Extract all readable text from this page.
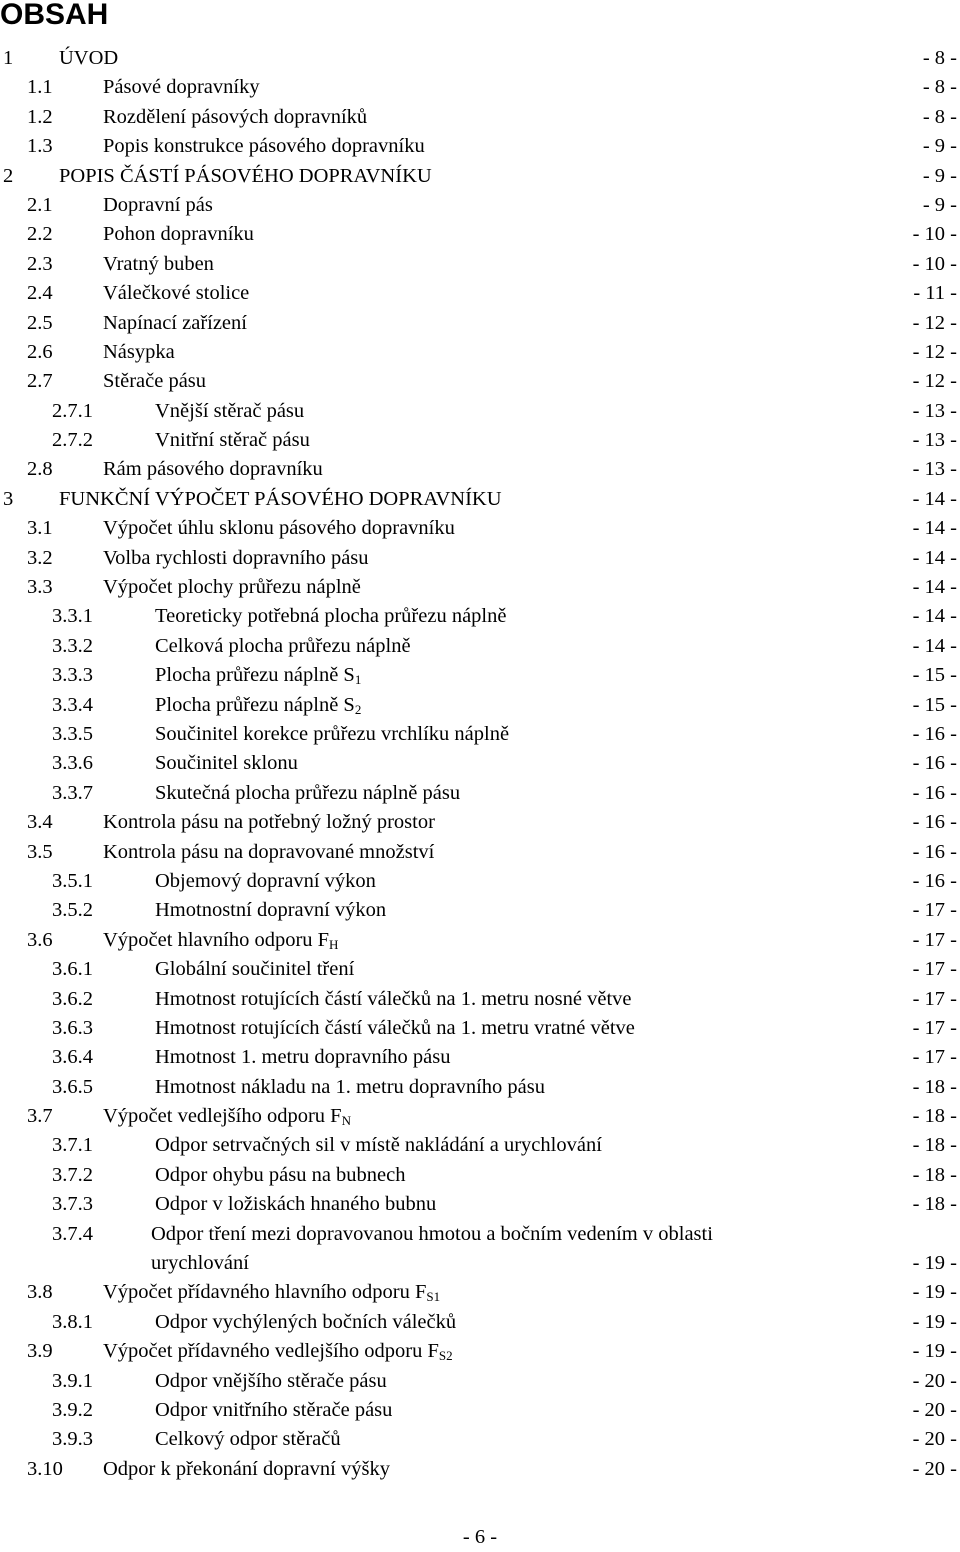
OBSAH
1 ÚVOD	- 8 -
1.1 Pásové dopravníky	- 8 -
1.2 Rozdělení pásových dopravníků	- 8 -
1.3 Popis konstrukce pásového dopravníku	- 9 -
2 POPIS ČÁSTÍ PÁSOVÉHO DOPRAVNÍKU	- 9 -
2.1 Dopravní pás	- 9 -
2.2 Pohon dopravníku	- 10 -
2.3 Vratný buben	- 10 -
2.4 Válečkové stolice	- 11 -
2.5 Napínací zařízení	- 12 -
2.6 Násypka	- 12 -
2.7 Stěrače pásu	- 12 -
2.7.1	Vnější stěrač pásu	- 13 -
2.7.2	Vnitřní stěrač pásu	- 13 -
2.8 Rám pásového dopravníku	- 13 -
3 FUNKČNÍ VÝPOČET PÁSOVÉHO DOPRAVNÍKU	- 14 -
3.1 Výpočet úhlu sklonu pásového dopravníku	- 14 -
3.2 Volba rychlosti dopravního pásu	- 14 -
3.3 Výpočet plochy průřezu náplně	- 14 -
3.3.1	Teoreticky potřebná plocha průřezu náplně	- 14 -
3.3.2	Celková plocha průřezu náplně	- 14 -
3.3.3	Plocha průřezu náplně $S_1$	- 15 -
3.3.4	Plocha průřezu náplně $S_2$	- 15 -
3.3.5	Součinitel korekce průřezu vrchlíku náplně	- 16 -
3.3.6	Součinitel sklonu	- 16 -
3.3.7	Skutečná plocha průřezu náplně pásu	- 16 -
3.4 Kontrola pásu na potřebný ložný prostor	- 16 -
3.5 Kontrola pásu na dopravované množství	- 16 -
3.5.1	Objemový dopravní výkon	- 16 -
3.5.2	Hmotnostní dopravní výkon	- 17 -
3.6 Výpočet hlavního odporu $F_H$	- 17 -
3.6.1	Globální součinitel tření	- 17 -
3.6.2	Hmotnost rotujících částí válečků na 1. metru nosné větve	- 17 -
3.6.3	Hmotnost rotujících částí válečků na 1. metru vratné větve	- 17 -
3.6.4	Hmotnost 1. metru dopravního pásu	- 17 -
3.6.5	Hmotnost nákladu na 1. metru dopravního pásu	- 18 -
3.7 Výpočet vedlejšího odporu $F_N$	- 18 -
3.7.1	Odpor setrvačných sil v místě nakládání a urychlování	- 18 -
3.7.2	Odpor ohybu pásu na bubnech	- 18 -
3.7.3	Odpor v ložiskách hnaného bubnu	- 18 -
3.7.4	Odpor tření mezi dopravovanou hmotou a bočním vedením v oblasti
urychlování	- 19 -
3.8 Výpočet přídavného hlavního odporu $F_{S1}$	- 19 -
3.8.1	Odpor vychýlených bočních válečků	- 19 -
3.9 Výpočet přídavného vedlejšího odporu $F_{S2}$	- 19 -
3.9.1	Odpor vnějšího stěrače pásu	- 20 -
3.9.2	Odpor vnitřního stěrače pásu	- 20 -
3.9.3	Celkový odpor stěračů	- 20 -
3.10 Odpor k překonání dopravní výšky	- 20 -
- 6 -
